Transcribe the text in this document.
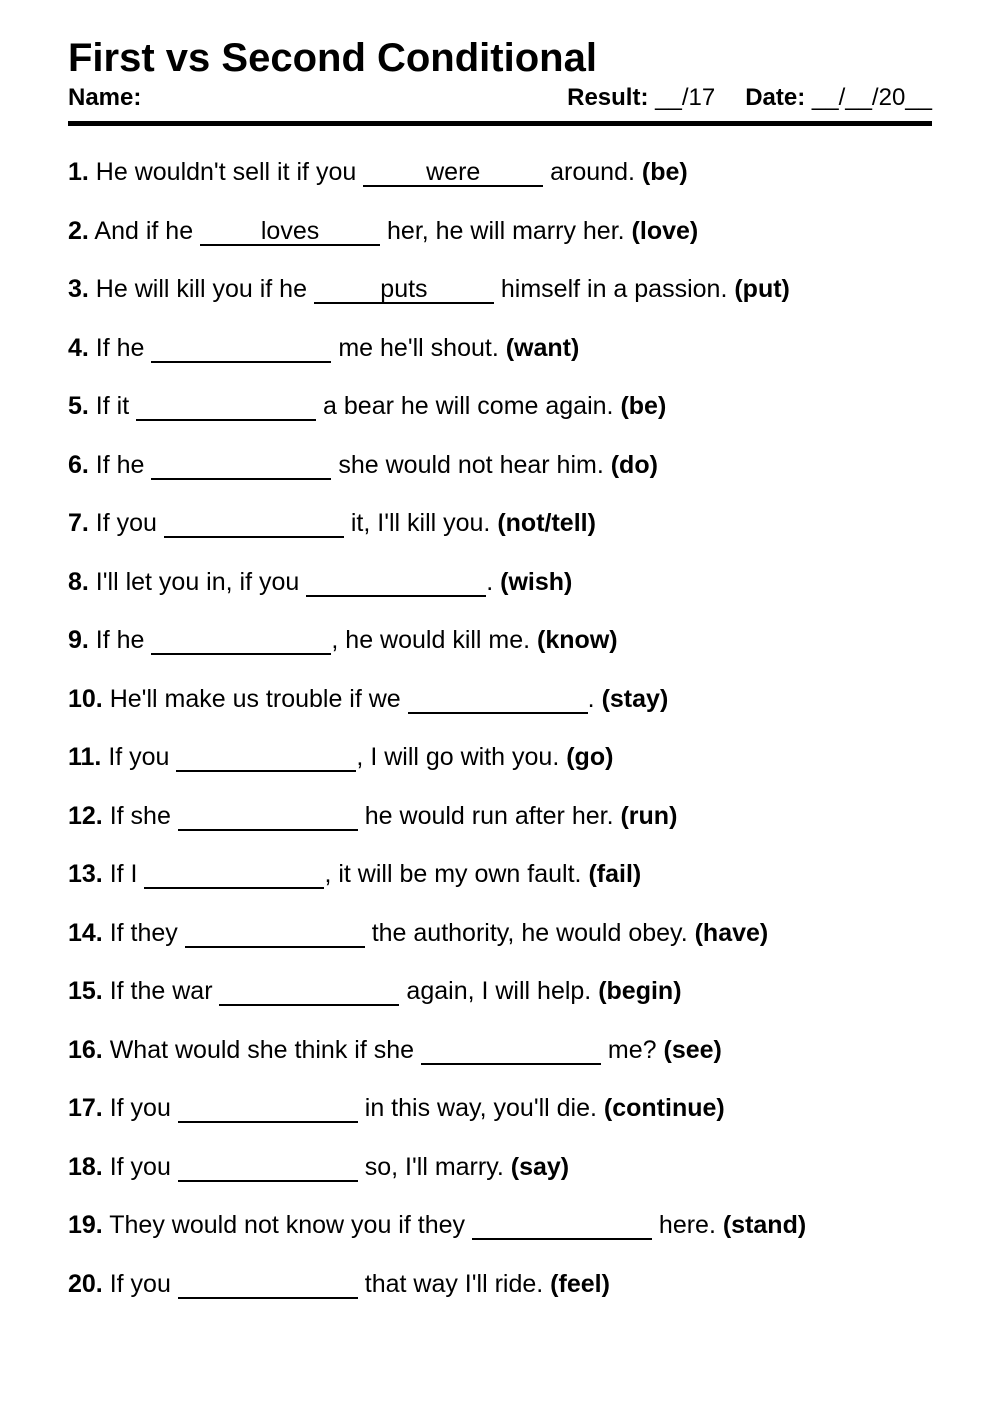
First vs Second Conditional
Name:	Result: __/17 Date: __/__/20__
1. He wouldn't sell it if you	were	around. (be)
2. And if he loves her, he will marry her. (love)
3. He will kill you if he	puts	himself in a passion. (put)
4. If he	me he'll shout. (want)
5. If it	a bear he will come again. (be)
6. If he	she would not hear him. (do)
7. If you	it, I'll kill you. (not/tell)
8. I'll let you in, if you	. (wish)
9. If he	, he would kill me. (know)
10. He'll make us trouble if we	. (stay)
11. If you	, I will go with you. (go)
12. If she	he would run after her. (run)
13. If I	, it will be my own fault. (fail)
14. If they	the authority, he would obey. (have)
15. If the war	again, I will help. (begin)
16. What would she think if she	me? (see)
17. If you	in this way, you'll die. (continue)
18. If you	so, I'll marry. (say)
19. They would not know you if they	here. (stand)
20. If you	that way I'll ride. (feel)
